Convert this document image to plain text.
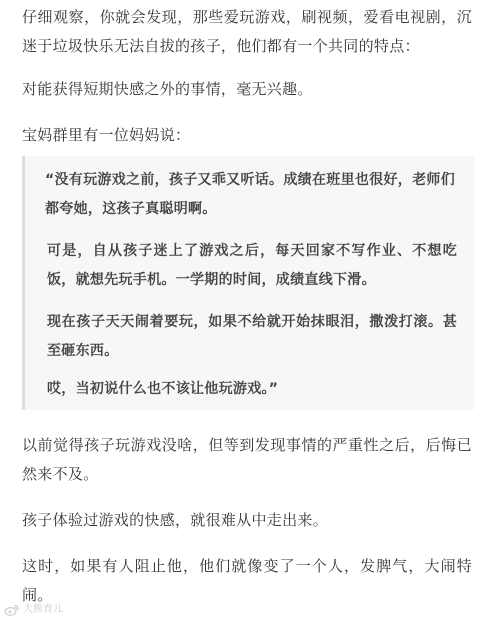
仔细观察，你就会发现，那些爱玩游戏，刷视频，爱看电视剧，沉迷于垃圾快乐无法自拔的孩子，他们都有一个共同的特点：

对能获得短期快感之外的事情，毫无兴趣。

宝妈群里有一位妈妈说：

“没有玩游戏之前，孩子又乖又听话。成绩在班里也很好，老师们都夸她，这孩子真聪明啊。

可是，自从孩子迷上了游戏之后，每天回家不写作业、不想吃饭，就想先玩手机。一学期的时间，成绩直线下滑。

现在孩子天天闹着要玩，如果不给就开始抹眼泪，撒泼打滚。甚至砸东西。

哎，当初说什么也不该让他玩游戏。”

以前觉得孩子玩游戏没啥，但等到发现事情的严重性之后，后悔已然来不及。

孩子体验过游戏的快感，就很难从中走出来。

这时，如果有人阻止他，他们就像变了一个人，发脾气，大闹特闹。

大熊育儿
